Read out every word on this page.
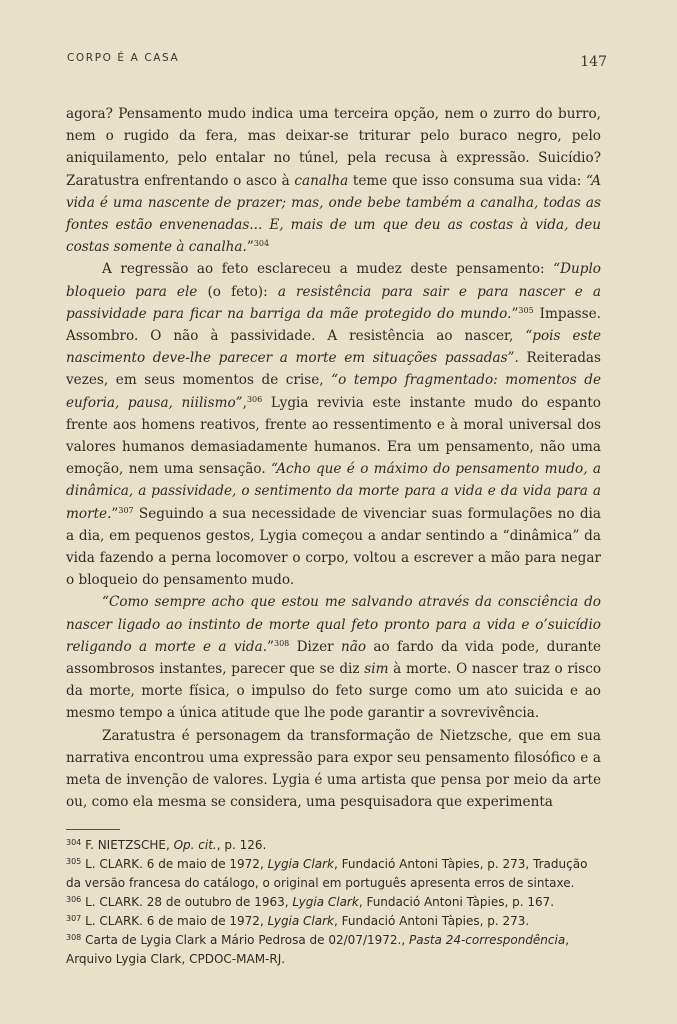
CORPO É A CASA	147

agora? Pensamento mudo indica uma terceira opção, nem o zurro do burro, nem o rugido da fera, mas deixar-se triturar pelo buraco negro, pelo aniquilamento, pelo entalar no túnel, pela recusa à expressão. Suicídio? Zaratustra enfrentando o asco à canalha teme que isso consuma sua vida: “A vida é uma nascente de prazer; mas, onde bebe também a canalha, todas as fontes estão envenenadas... E, mais de um que deu as costas à vida, deu costas somente à canalha.”$^{304}$

A regressão ao feto esclareceu a mudez deste pensamento: “Duplo bloqueio para ele (o feto): a resistência para sair e para nascer e a passividade para ficar na barriga da mãe protegido do mundo.”$^{305}$ Impasse. Assombro. O não à passividade. A resistência ao nascer, “pois este nascimento deve-lhe parecer a morte em situações passadas”. Reiteradas vezes, em seus momentos de crise, “o tempo fragmentado: momentos de euforia, pausa, niilismo”,$^{306}$ Lygia revivia este instante mudo do espanto frente aos homens reativos, frente ao ressentimento e à moral universal dos valores humanos demasiadamente humanos. Era um pensamento, não uma emoção, nem uma sensação. “Acho que é o máximo do pensamento mudo, a dinâmica, a passividade, o sentimento da morte para a vida e da vida para a morte.”$^{307}$ Seguindo a sua necessidade de vivenciar suas formulações no dia a dia, em pequenos gestos, Lygia começou a andar sentindo a “dinâmica” da vida fazendo a perna locomover o corpo, voltou a escrever a mão para negar o bloqueio do pensamento mudo.

“Como sempre acho que estou me salvando através da consciência do nascer ligado ao instinto de morte qual feto pronto para a vida e o’suicídio religando a morte e a vida.”$^{308}$ Dizer não ao fardo da vida pode, durante assombrosos instantes, parecer que se diz sim à morte. O nascer traz o risco da morte, morte física, o impulso do feto surge como um ato suicida e ao mesmo tempo a única atitude que lhe pode garantir a sovrevivência.

Zaratustra é personagem da transformação de Nietzsche, que em sua narrativa encontrou uma expressão para expor seu pensamento filosófico e a meta de invenção de valores. Lygia é uma artista que pensa por meio da arte ou, como ela mesma se considera, uma pesquisadora que experimenta

$^{304}$ F. NIETZSCHE, Op. cit., p. 126.

$^{305}$ L. CLARK. 6 de maio de 1972, Lygia Clark, Fundació Antoni Tàpies, p. 273, Tradução da versão francesa do catálogo, o original em português apresenta erros de sintaxe.

$^{306}$ L. CLARK. 28 de outubro de 1963, Lygia Clark, Fundació Antoni Tàpies, p. 167.

$^{307}$ L. CLARK. 6 de maio de 1972, Lygia Clark, Fundació Antoni Tàpies, p. 273.

$^{308}$ Carta de Lygia Clark a Mário Pedrosa de 02/07/1972., Pasta 24-correspondência, Arquivo Lygia Clark, CPDOC-MAM-RJ.
